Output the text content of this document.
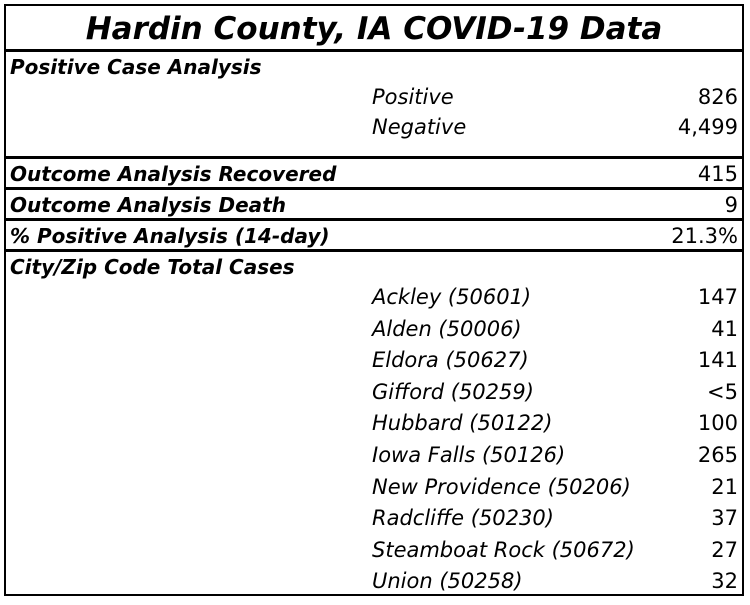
Hardin County, IA COVID-19 Data
Positive Case Analysis
Positive	826
Negative	4,499
Outcome Analysis Recovered	415
Outcome Analysis Death	9
% Positive Analysis (14-day)	21.3%
City/Zip Code Total Cases
Ackley (50601)	147
Alden (50006)	41
Eldora (50627)	141
Gifford (50259)	<5
Hubbard (50122)	100
Iowa Falls (50126)	265
New Providence (50206)	21
Radcliffe (50230)	37
Steamboat Rock (50672)	27
Union (50258)	32
